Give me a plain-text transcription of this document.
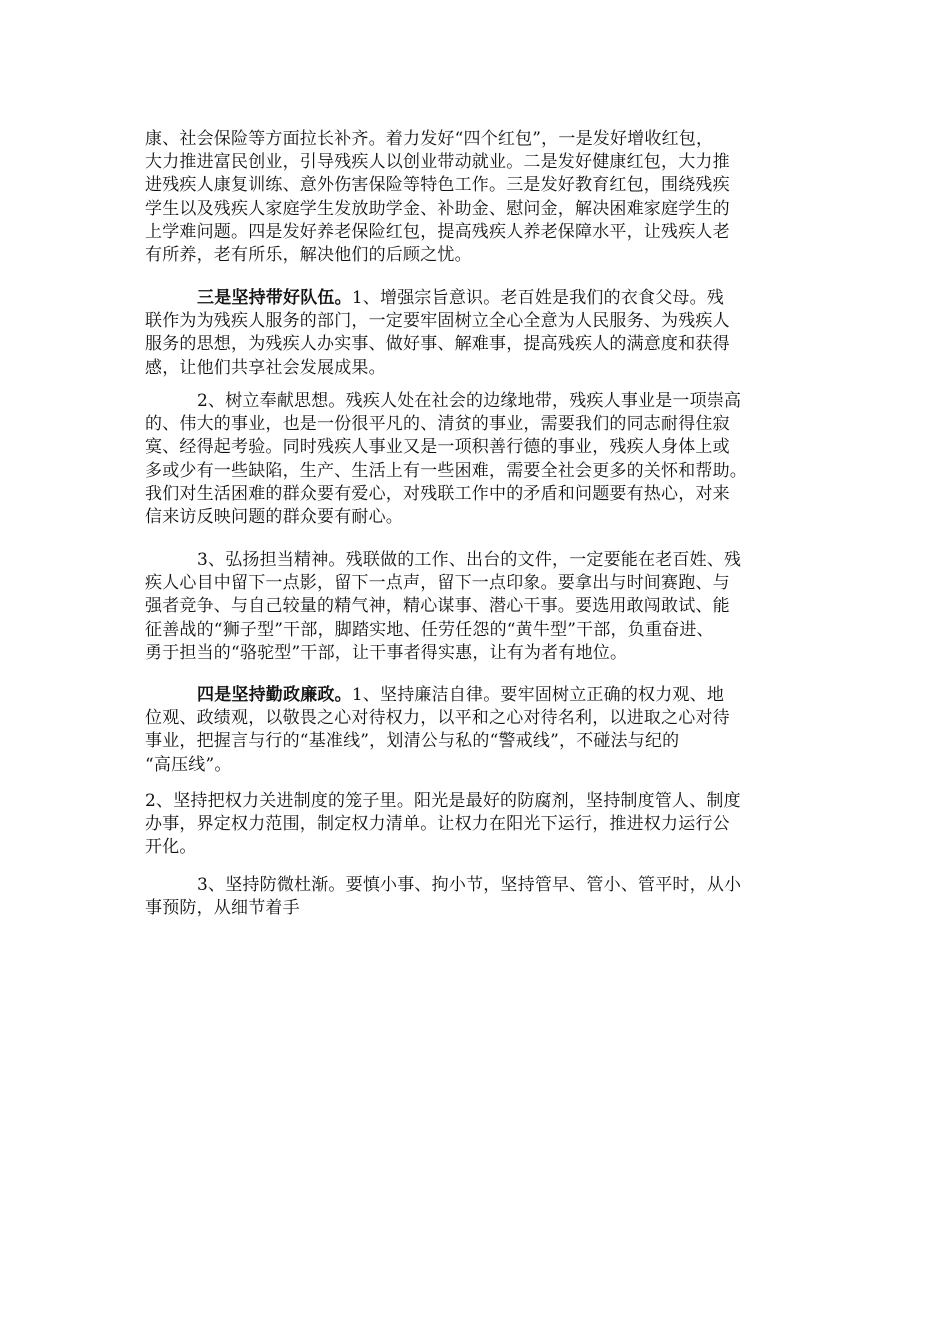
康、社会保险等方面拉长补齐。着力发好“四个红包”，一是发好增收红包，
大力推进富民创业，引导残疾人以创业带动就业。二是发好健康红包，大力推
进残疾人康复训练、意外伤害保险等特色工作。三是发好教育红包，围绕残疾
学生以及残疾人家庭学生发放助学金、补助金、慰问金，解决困难家庭学生的
上学难问题。四是发好养老保险红包，提高残疾人养老保障水平，让残疾人老
有所养，老有所乐，解决他们的后顾之忧。
三是坚持带好队伍。1、增强宗旨意识。老百姓是我们的衣食父母。残
联作为为残疾人服务的部门，一定要牢固树立全心全意为人民服务、为残疾人
服务的思想，为残疾人办实事、做好事、解难事，提高残疾人的满意度和获得
感，让他们共享社会发展成果。
2、树立奉献思想。残疾人处在社会的边缘地带，残疾人事业是一项崇高
的、伟大的事业，也是一份很平凡的、清贫的事业，需要我们的同志耐得住寂
寞、经得起考验。同时残疾人事业又是一项积善行德的事业，残疾人身体上或
多或少有一些缺陷，生产、生活上有一些困难，需要全社会更多的关怀和帮助。
我们对生活困难的群众要有爱心，对残联工作中的矛盾和问题要有热心，对来
信来访反映问题的群众要有耐心。
3、弘扬担当精神。残联做的工作、出台的文件，一定要能在老百姓、残
疾人心目中留下一点影，留下一点声，留下一点印象。要拿出与时间赛跑、与
强者竞争、与自己较量的精气神，精心谋事、潜心干事。要选用敢闯敢试、能
征善战的“狮子型”干部，脚踏实地、任劳任怨的“黄牛型”干部，负重奋进、
勇于担当的“骆驼型”干部，让干事者得实惠，让有为者有地位。
四是坚持勤政廉政。1、坚持廉洁自律。要牢固树立正确的权力观、地
位观、政绩观，以敬畏之心对待权力，以平和之心对待名利，以进取之心对待
事业，把握言与行的“基准线”，划清公与私的“警戒线”，不碰法与纪的
“高压线”。
2、坚持把权力关进制度的笼子里。阳光是最好的防腐剂，坚持制度管人、制度
办事，界定权力范围，制定权力清单。让权力在阳光下运行，推进权力运行公
开化。
3、坚持防微杜渐。要慎小事、拘小节，坚持管早、管小、管平时，从小
事预防，从细节着手
